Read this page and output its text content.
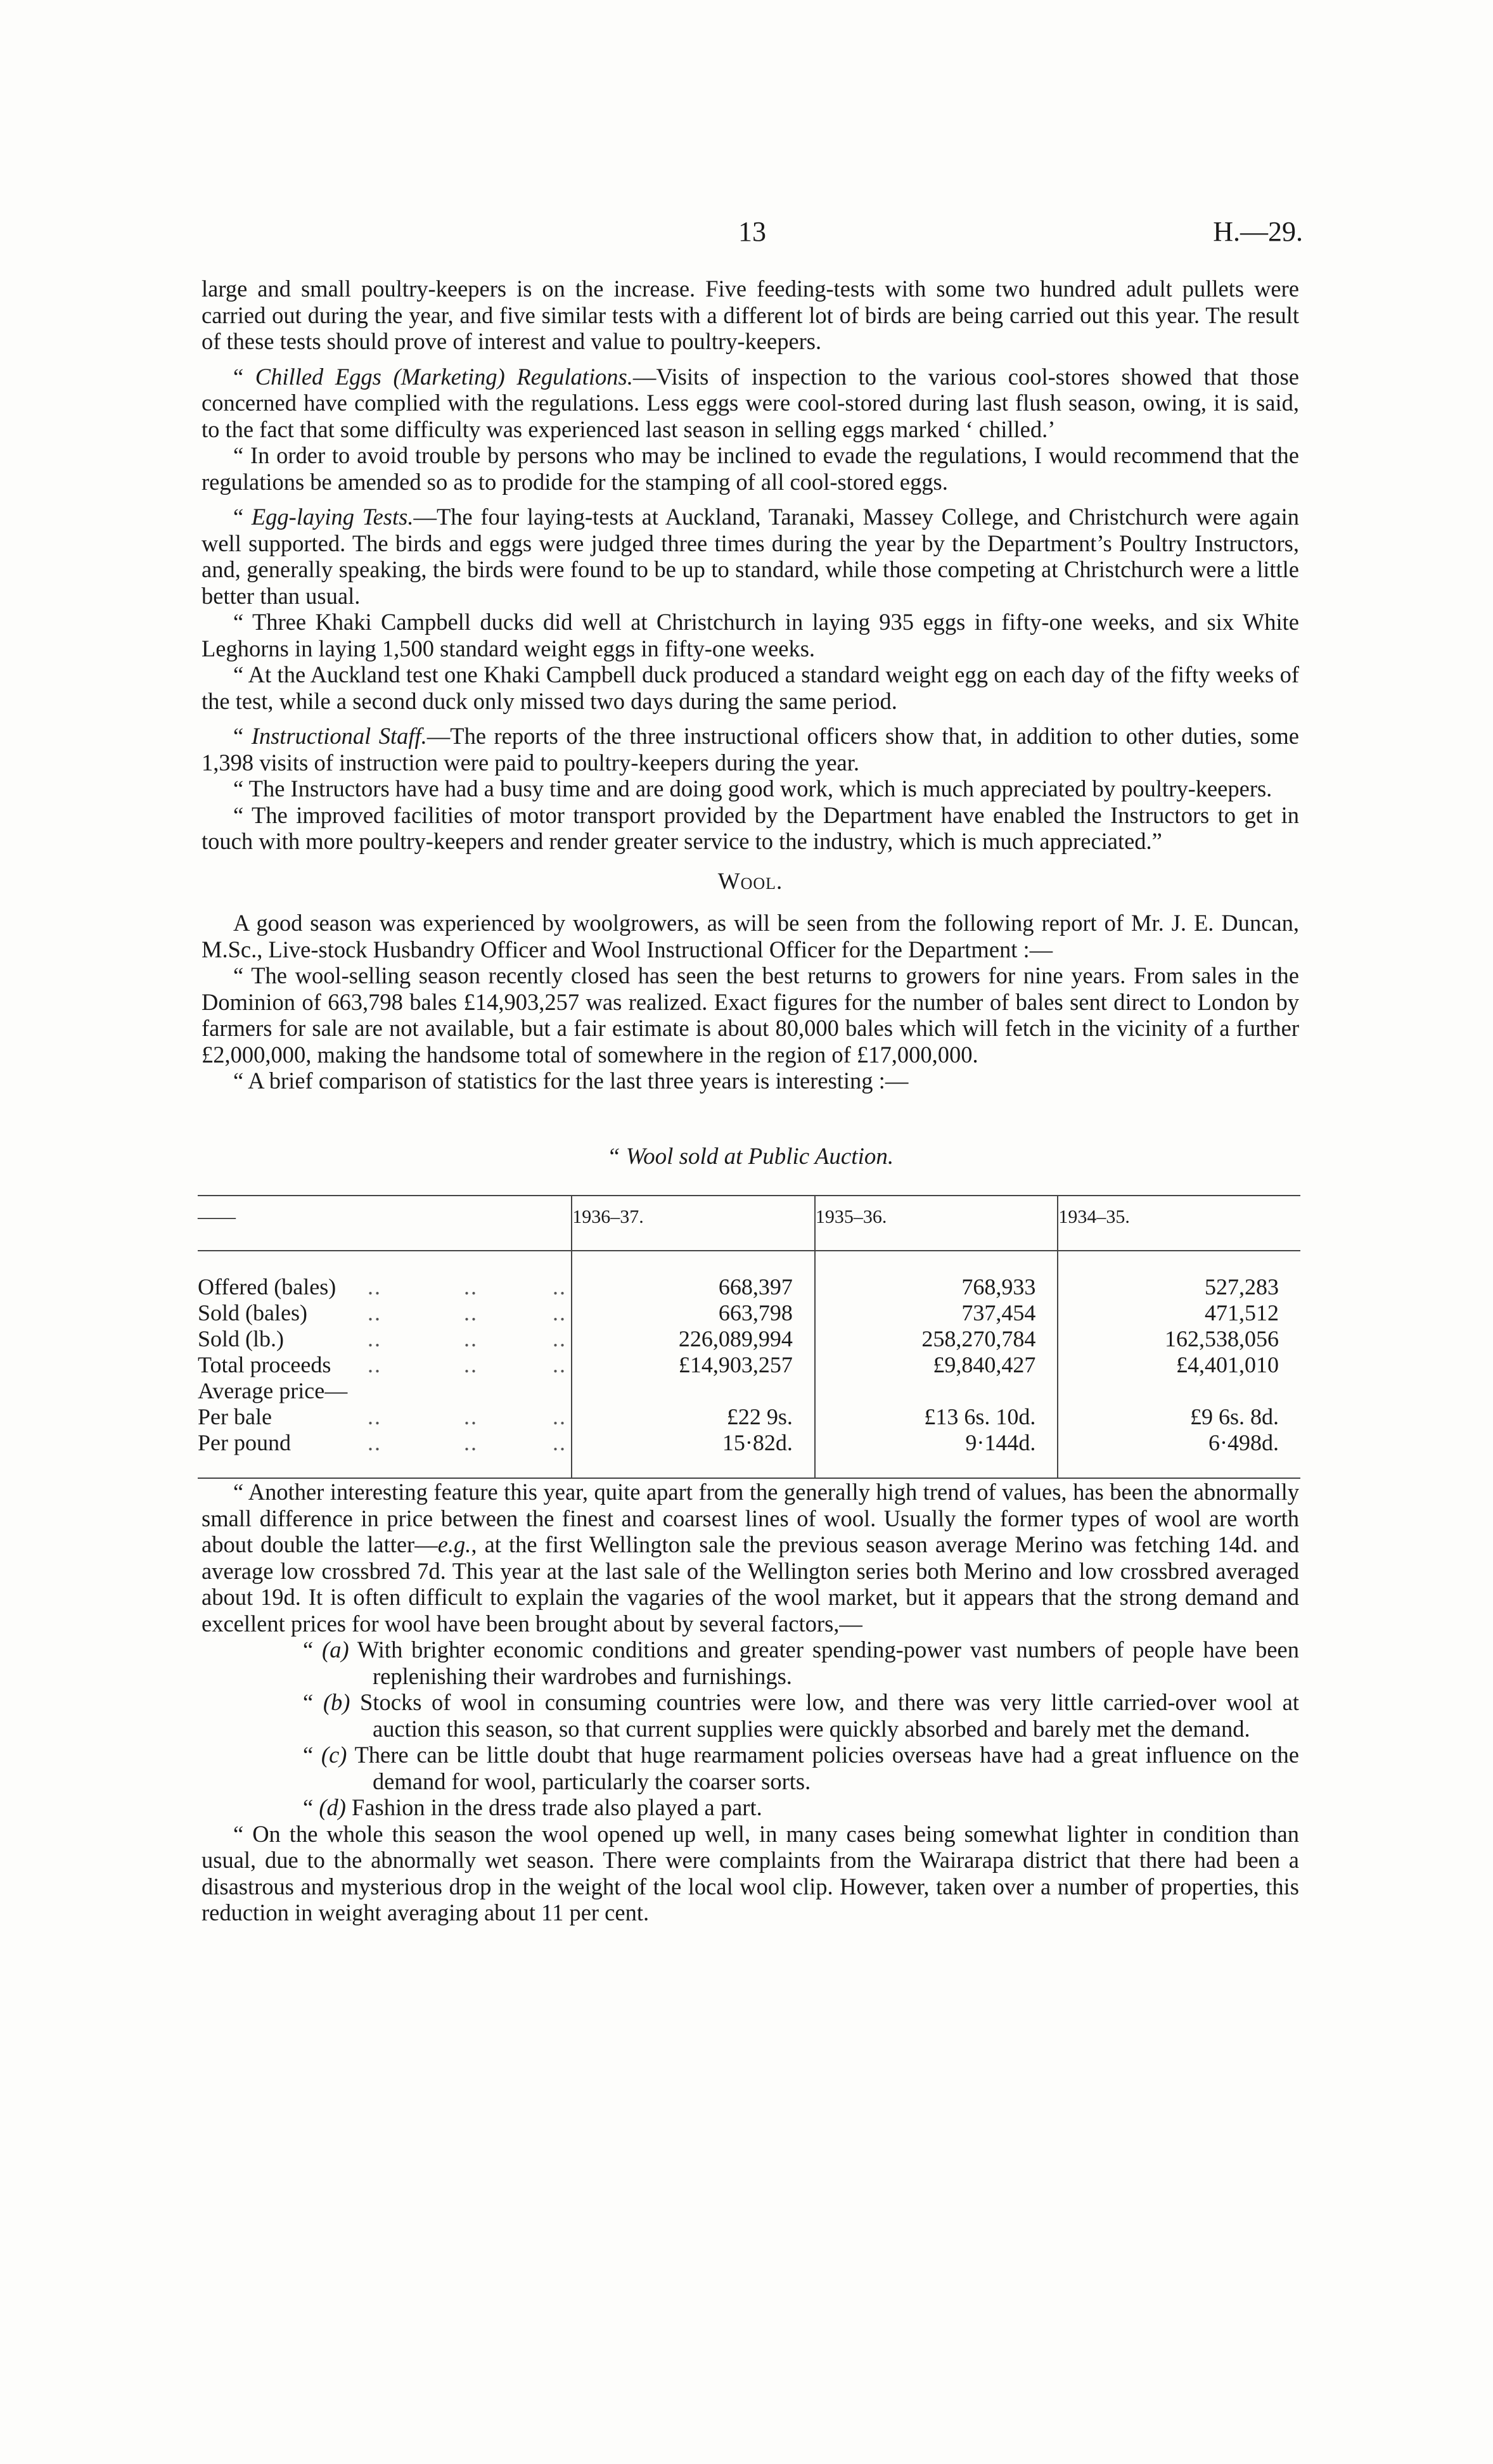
13	H.—29.

large and small poultry-keepers is on the increase. Five feeding-tests with some two hundred adult pullets were carried out during the year, and five similar tests with a different lot of birds are being carried out this year. The result of these tests should prove of interest and value to poultry-keepers.

“ Chilled Eggs (Marketing) Regulations.—Visits of inspection to the various cool-stores showed that those concerned have complied with the regulations. Less eggs were cool-stored during last flush season, owing, it is said, to the fact that some difficulty was experienced last season in selling eggs marked ‘ chilled.’

“ In order to avoid trouble by persons who may be inclined to evade the regulations, I would recommend that the regulations be amended so as to prodide for the stamping of all cool-stored eggs.

“ Egg-laying Tests.—The four laying-tests at Auckland, Taranaki, Massey College, and Christchurch were again well supported. The birds and eggs were judged three times during the year by the Department’s Poultry Instructors, and, generally speaking, the birds were found to be up to standard, while those competing at Christchurch were a little better than usual.

“ Three Khaki Campbell ducks did well at Christchurch in laying 935 eggs in fifty-one weeks, and six White Leghorns in laying 1,500 standard weight eggs in fifty-one weeks.

“ At the Auckland test one Khaki Campbell duck produced a standard weight egg on each day of the fifty weeks of the test, while a second duck only missed two days during the same period.

“ Instructional Staff.—The reports of the three instructional officers show that, in addition to other duties, some 1,398 visits of instruction were paid to poultry-keepers during the year.

“ The Instructors have had a busy time and are doing good work, which is much appreciated by poultry-keepers.

“ The improved facilities of motor transport provided by the Department have enabled the Instructors to get in touch with more poultry-keepers and render greater service to the industry, which is much appreciated.”

Wool.

A good season was experienced by woolgrowers, as will be seen from the following report of Mr. J. E. Duncan, M.Sc., Live-stock Husbandry Officer and Wool Instructional Officer for the Department :—

“ The wool-selling season recently closed has seen the best returns to growers for nine years. From sales in the Dominion of 663,798 bales £14,903,257 was realized. Exact figures for the number of bales sent direct to London by farmers for sale are not available, but a fair estimate is about 80,000 bales which will fetch in the vicinity of a further £2,000,000, making the handsome total of somewhere in the region of £17,000,000.

“ A brief comparison of statistics for the last three years is interesting :—

“ Wool sold at Public Auction.
——	1936–37.	1935–36.	1934–35.

Offered (bales) .. .. ..	668,397	768,933	527,283
Sold (bales) .. .. ..	663,798	737,454	471,512
Sold (lb.) .. .. ..	226,089,994	258,270,784	162,538,056
Total proceeds .. .. ..	£14,903,257	£9,840,427	£4,401,010
Average price—			
Per bale .. .. ..	£22 9s.	£13 6s. 10d.	£9 6s. 8d.
Per pound .. .. ..	15·82d.	9·144d.	6·498d.

“ Another interesting feature this year, quite apart from the generally high trend of values, has been the abnormally small difference in price between the finest and coarsest lines of wool. Usually the former types of wool are worth about double the latter—e.g., at the first Wellington sale the previous season average Merino was fetching 14d. and average low crossbred 7d. This year at the last sale of the Wellington series both Merino and low crossbred averaged about 19d. It is often difficult to explain the vagaries of the wool market, but it appears that the strong demand and excellent prices for wool have been brought about by several factors,—

“ (a) With brighter economic conditions and greater spending-power vast numbers of people have been replenishing their wardrobes and furnishings.

“ (b) Stocks of wool in consuming countries were low, and there was very little carried-over wool at auction this season, so that current supplies were quickly absorbed and barely met the demand.

“ (c) There can be little doubt that huge rearmament policies overseas have had a great influence on the demand for wool, particularly the coarser sorts.

“ (d) Fashion in the dress trade also played a part.

“ On the whole this season the wool opened up well, in many cases being somewhat lighter in condition than usual, due to the abnormally wet season. There were complaints from the Wairarapa district that there had been a disastrous and mysterious drop in the weight of the local wool clip. However, taken over a number of properties, this reduction in weight averaging about 11 per cent.
